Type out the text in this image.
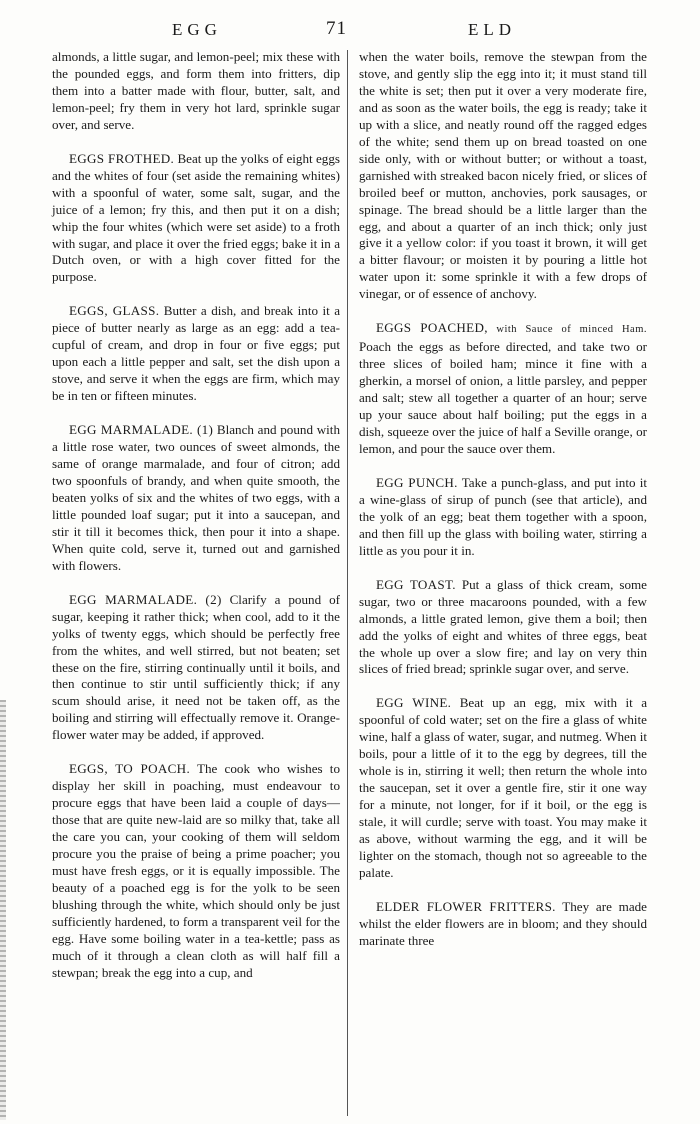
EGG	71	ELD

almonds, a little sugar, and lemon-peel; mix these with the pounded eggs, and form them into fritters, dip them into a batter made with flour, butter, salt, and lemon-peel; fry them in very hot lard, sprinkle sugar over, and serve.

EGGS FROTHED. Beat up the yolks of eight eggs and the whites of four (set aside the remaining whites) with a spoonful of water, some salt, sugar, and the juice of a lemon; fry this, and then put it on a dish; whip the four whites (which were set aside) to a froth with sugar, and place it over the fried eggs; bake it in a Dutch oven, or with a high cover fitted for the purpose.

EGGS, GLASS. Butter a dish, and break into it a piece of butter nearly as large as an egg: add a tea-cupful of cream, and drop in four or five eggs; put upon each a little pepper and salt, set the dish upon a stove, and serve it when the eggs are firm, which may be in ten or fifteen minutes.

EGG MARMALADE. (1) Blanch and pound with a little rose water, two ounces of sweet almonds, the same of orange marmalade, and four of citron; add two spoonfuls of brandy, and when quite smooth, the beaten yolks of six and the whites of two eggs, with a little pounded loaf sugar; put it into a saucepan, and stir it till it becomes thick, then pour it into a shape. When quite cold, serve it, turned out and garnished with flowers.

EGG MARMALADE. (2) Clarify a pound of sugar, keeping it rather thick; when cool, add to it the yolks of twenty eggs, which should be perfectly free from the whites, and well stirred, but not beaten; set these on the fire, stirring continually until it boils, and then continue to stir until sufficiently thick; if any scum should arise, it need not be taken off, as the boiling and stirring will effectually remove it. Orange-flower water may be added, if approved.

EGGS, TO POACH. The cook who wishes to display her skill in poaching, must endeavour to procure eggs that have been laid a couple of days—those that are quite new-laid are so milky that, take all the care you can, your cooking of them will seldom procure you the praise of being a prime poacher; you must have fresh eggs, or it is equally impossible. The beauty of a poached egg is for the yolk to be seen blushing through the white, which should only be just sufficiently hardened, to form a transparent veil for the egg. Have some boiling water in a tea-kettle; pass as much of it through a clean cloth as will half fill a stewpan; break the egg into a cup, and

when the water boils, remove the stewpan from the stove, and gently slip the egg into it; it must stand till the white is set; then put it over a very moderate fire, and as soon as the water boils, the egg is ready; take it up with a slice, and neatly round off the ragged edges of the white; send them up on bread toasted on one side only, with or without butter; or without a toast, garnished with streaked bacon nicely fried, or slices of broiled beef or mutton, anchovies, pork sausages, or spinage. The bread should be a little larger than the egg, and about a quarter of an inch thick; only just give it a yellow color: if you toast it brown, it will get a bitter flavour; or moisten it by pouring a little hot water upon it: some sprinkle it with a few drops of vinegar, or of essence of anchovy.

EGGS POACHED, with Sauce of minced Ham. Poach the eggs as before directed, and take two or three slices of boiled ham; mince it fine with a gherkin, a morsel of onion, a little parsley, and pepper and salt; stew all together a quarter of an hour; serve up your sauce about half boiling; put the eggs in a dish, squeeze over the juice of half a Seville orange, or lemon, and pour the sauce over them.

EGG PUNCH. Take a punch-glass, and put into it a wine-glass of sirup of punch (see that article), and the yolk of an egg; beat them together with a spoon, and then fill up the glass with boiling water, stirring a little as you pour it in.

EGG TOAST. Put a glass of thick cream, some sugar, two or three macaroons pounded, with a few almonds, a little grated lemon, give them a boil; then add the yolks of eight and whites of three eggs, beat the whole up over a slow fire; and lay on very thin slices of fried bread; sprinkle sugar over, and serve.

EGG WINE. Beat up an egg, mix with it a spoonful of cold water; set on the fire a glass of white wine, half a glass of water, sugar, and nutmeg. When it boils, pour a little of it to the egg by degrees, till the whole is in, stirring it well; then return the whole into the saucepan, set it over a gentle fire, stir it one way for a minute, not longer, for if it boil, or the egg is stale, it will curdle; serve with toast. You may make it as above, without warming the egg, and it will be lighter on the stomach, though not so agreeable to the palate.

ELDER FLOWER FRITTERS. They are made whilst the elder flowers are in bloom; and they should marinate three
